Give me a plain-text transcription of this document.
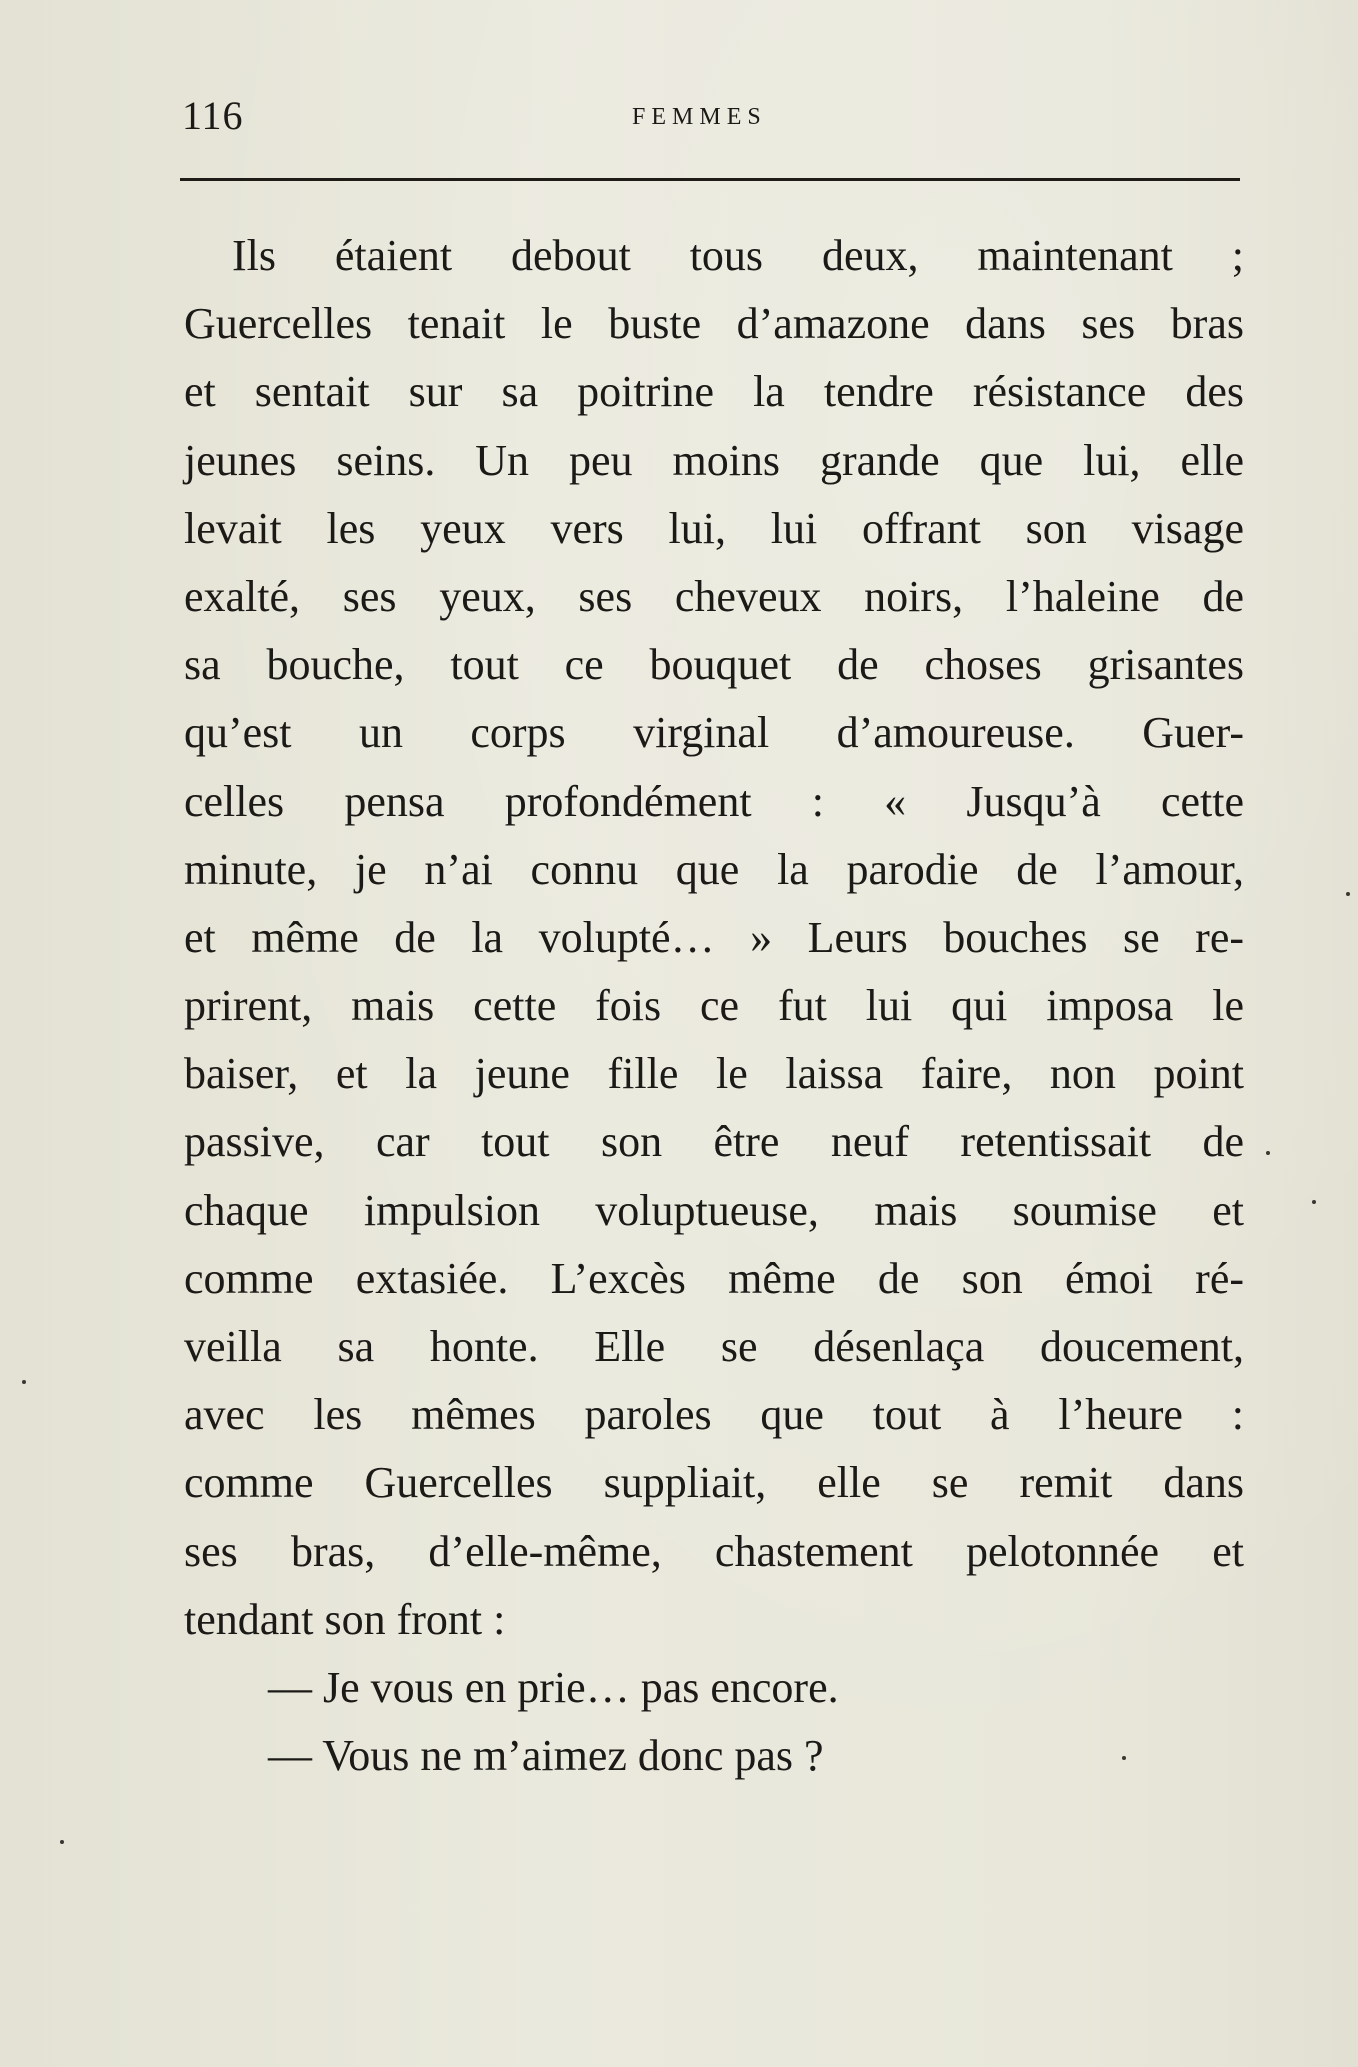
116	FEMMES
Ils étaient debout tous deux, maintenant ;
Guercelles tenait le buste d’amazone dans ses bras
et sentait sur sa poitrine la tendre résistance des
jeunes seins. Un peu moins grande que lui, elle
levait les yeux vers lui, lui offrant son visage
exalté, ses yeux, ses cheveux noirs, l’haleine de
sa bouche, tout ce bouquet de choses grisantes
qu’est un corps virginal d’amoureuse. Guer-
celles pensa profondément : « Jusqu’à cette
minute, je n’ai connu que la parodie de l’amour,
et même de la volupté… » Leurs bouches se re-
prirent, mais cette fois ce fut lui qui imposa le
baiser, et la jeune fille le laissa faire, non point
passive, car tout son être neuf retentissait de
chaque impulsion voluptueuse, mais soumise et
comme extasiée. L’excès même de son émoi ré-
veilla sa honte. Elle se désenlaça doucement,
avec les mêmes paroles que tout à l’heure :
comme Guercelles suppliait, elle se remit dans
ses bras, d’elle-même, chastement pelotonnée et
tendant son front :
— Je vous en prie… pas encore.
— Vous ne m’aimez donc pas ?
